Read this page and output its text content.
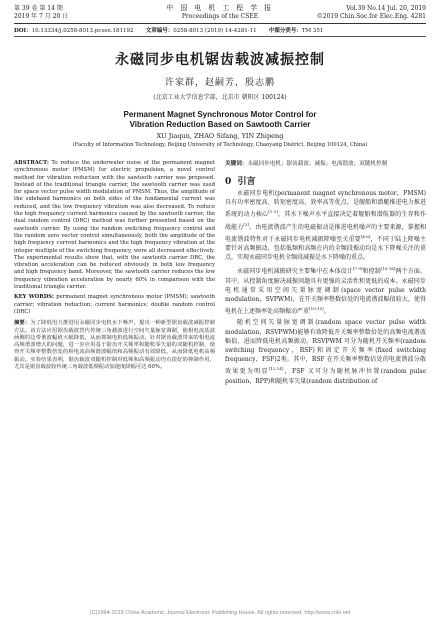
第 39 卷 第 14 期
2019 年 7 月 20 日
中 国 电 机 工 程 学 报
Proceedings of the CSEE
Vol.39 No.14 Jul. 20, 2019
©2019 Chin.Soc.for Elec.Eng. 4281
DOI：10.13334/j.0258-8013.pcsee.181192 文章编号：0258-8013 (2019) 14-4281-11 中图分类号：TM 351
永磁同步电机锯齿载波减振控制
许家群，赵嗣芳，殷志鹏
(北京工业大学信息学部，北京市 朝阳区 100124)
Permanent Magnet Synchronous Motor Control for
Vibration Reduction Based on Sawtooth Carrier
XU Jiaqun, ZHAO Sifang, YIN Zhipeng
(Faculty of Information Technology, Beijing University of Technology, Chaoyang District, Beijing 100124, China)
ABSTRACT: To reduce the underwater noise of the permanent magnet synchronous motor (PMSM) for electric propulsion, a novel control method for vibration reduction with the sawtooth carrier was proposed. Instead of the traditional triangle carrier, the sawtooth carrier was used for space vector pulse width modulation of PMSM. Thus, the amplitude of the sideband harmonics on both sides of the fundamental current was reduced, and the low frequency vibration was also decreased. To reduce the high frequency current harmonics caused by the sawtooth carrier, the dual random control (DRC) method was further presented based on the sawtooth carrier. By using the random switching frequency control and the random zero vector control simultaneously, both the amplitude of the high frequency current harmonics and the high frequency vibration at the integer multiple of the switching frequency, were all decreased effectively. The experimental results show that, with the sawtooth carrier DRC, the vibration acceleration can be reduced obviously in both low frequency and high frequency band. Moreover, the sawtooth carrier reduces the low frequency vibration acceleration by nearly 60% in comparison with the traditional triangle carrier.
KEY WORDS: permanent magnet synchronous motor (PMSM); sawtooth carrier; vibration reduction; current harmonics; double random control (DRC)
摘要：为了降低电力推进用永磁同步电机水下噪声，提出一种新型锯齿载波减振控制方法。该方法应用锯齿载波替代传统三角载波进行空间矢量脉宽调制，使相电流基波两侧的边带谐波幅值大幅降低，从而抑制电机低频振动。针对锯齿载波带来的相电流高频谐波增大的问题，进一步应用基于锯齿开关频率和随机零矢量的双随机控制，使得开关频率整数倍处的相电流高频谐波幅值和高频振动有效降低，从而降低电机高频振动。实验结果表明，锯齿载波双随机控制对低频和高频振动均有很好的抑制作用，尤其是锯齿载波较传统三角载波低频振动加速度降幅可达 60%。
关键词：永磁同步电机；锯齿载波；减振；电流谐波；双随机控制
0 引言
永磁同步电机(permanent magnet synchronous motor，PMSM)具有功率密度高、转矩密度高、效率高等优点，是舰船和潜艇推进电力推进系统的动力核心[1-2]，其水下噪声水平直接决定着舰船和潜航器的生存和作战能力[3]。由电流谐波产生的电磁振动是推进电机噪声的主要来源，掌握相电流谐波特性对于永磁同步电机减振降噪至关重要[4-6]，不同于陆上降噪主要针对高频振动，包括低频和高频在内的全频段振动均是水下降噪关注的重点，实现永磁同步电机全频段减振是水下降噪的重点。
永磁同步电机减振研究主要集中在本体设计[7-9]和控制[10-16]两个方面。其中，从控制角度解决减振问题具有更强的灵活性和更低的成本。永磁同步电机通常采用空间矢量脉宽调制(space vector pulse width modulation，SVPWM)，在开关频率整数倍处的电流谐波幅值较大，使得电机在上述频率处高频振动严重[10-15]。
随机空间矢量脉宽调制(random space vector pulse width modulation，RSVPWM)能够有效降低开关频率整数倍处的高频电流谐波幅值，进而降低电机高频振动。RSVPWM 可分为随机开关频率(random switching frequency，RSF)和固定开关频率(fixed switching frequency，FSF)2类。其中，RSF 在开关频率整数倍处的电流谐波分散效果更为明显[12,14]，FSF 又可分为随机脉冲位置(random pulse position，RPP)和随机零矢量(random distribution of
(C)1994-2019 China Academic Journal Electronic Publishing House. All rights reserved. http://www.cnki.net
